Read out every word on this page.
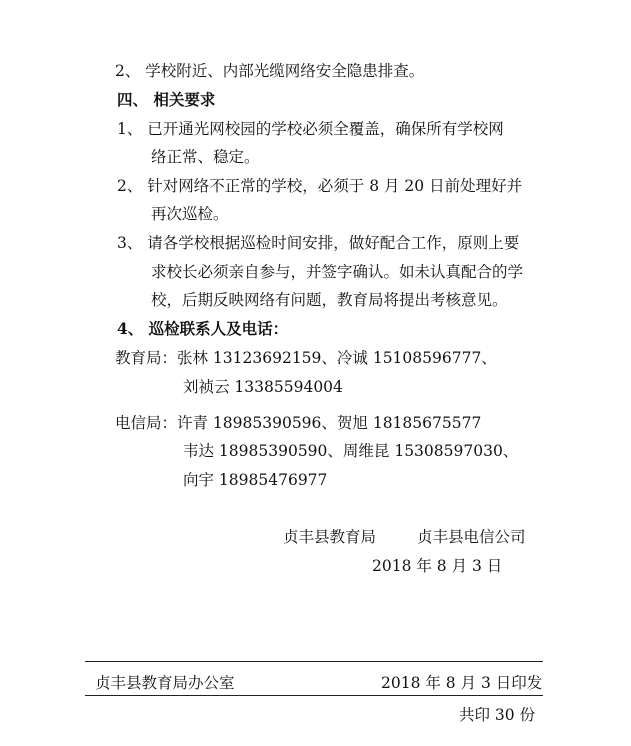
2、 学校附近、内部光缆网络安全隐患排查。
四、 相关要求
1、 已开通光网校园的学校必须全覆盖，确保所有学校网
络正常、稳定。
2、 针对网络不正常的学校，必须于 8 月 20 日前处理好并
再次巡检。
3、 请各学校根据巡检时间安排，做好配合工作，原则上要
求校长必须亲自参与，并签字确认。如未认真配合的学
校，后期反映网络有问题，教育局将提出考核意见。
4、 巡检联系人及电话：
教育局：张林 13123692159、冷诚 15108596777、
刘祯云 13385594004
电信局：许青 18985390596、贺旭 18185675577
韦达 18985390590、周维昆 15308597030、
向宇 18985476977
贞丰县教育局	贞丰县电信公司
2018 年 8 月 3 日
贞丰县教育局办公室	2018 年 8 月 3 日印发
共印 30 份
